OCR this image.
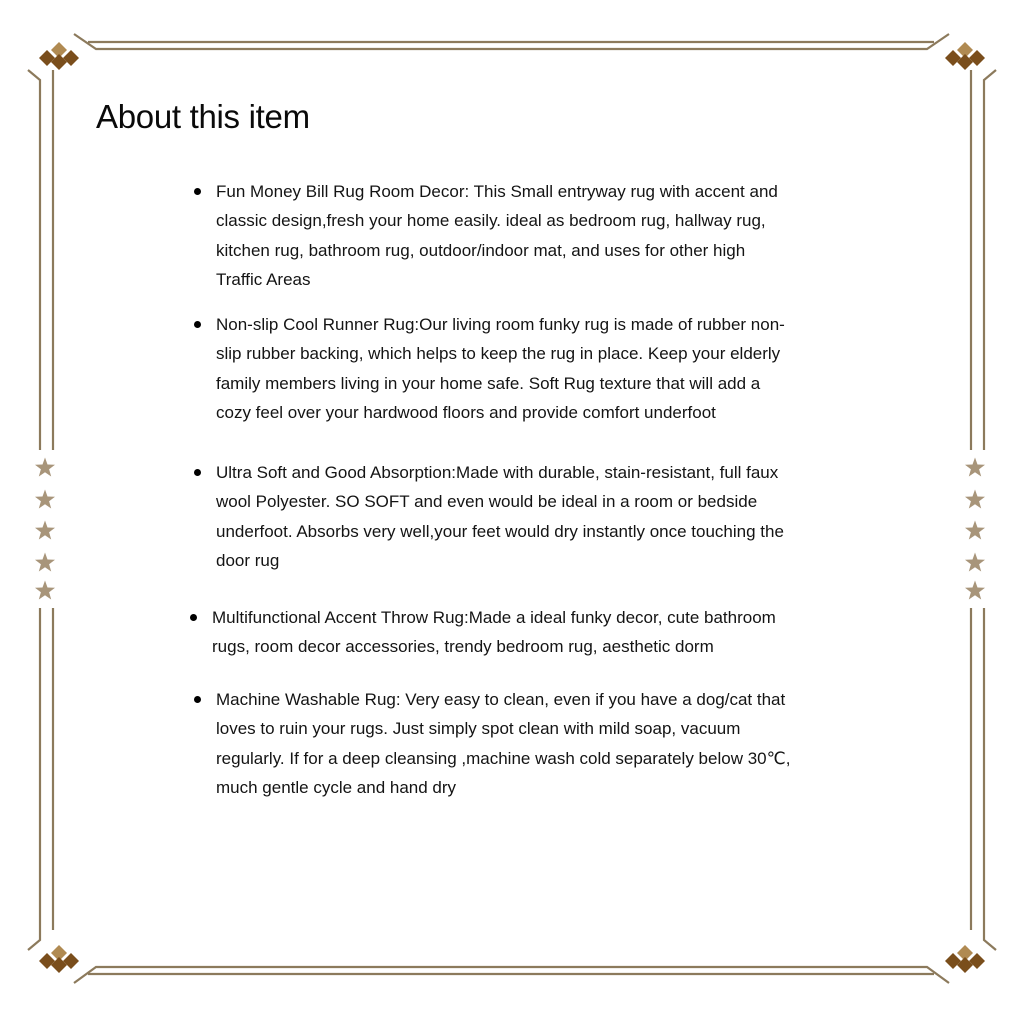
About this item
Fun Money Bill Rug Room Decor: This Small entryway rug with accent and classic design,fresh your home easily. ideal as bedroom rug, hallway rug, kitchen rug, bathroom rug, outdoor/indoor mat, and uses for other high Traffic Areas
Non-slip Cool Runner Rug:Our living room funky rug is made of rubber non-slip rubber backing, which helps to keep the rug in place. Keep your elderly family members living in your home safe. Soft Rug texture that will add a cozy feel over your hardwood floors and provide comfort underfoot
Ultra Soft and Good Absorption:Made with durable, stain-resistant, full faux wool Polyester. SO SOFT and even would be ideal in a room or bedside underfoot. Absorbs very well,your feet would dry instantly once touching the door rug
Multifunctional Accent Throw Rug:Made a ideal funky decor, cute bathroom rugs, room decor accessories, trendy bedroom rug, aesthetic dorm
Machine Washable Rug: Very easy to clean, even if you have a dog/cat that loves to ruin your rugs. Just simply spot clean with mild soap, vacuum regularly. If for a deep cleansing ,machine wash cold separately below 30℃, much gentle cycle and hand dry
